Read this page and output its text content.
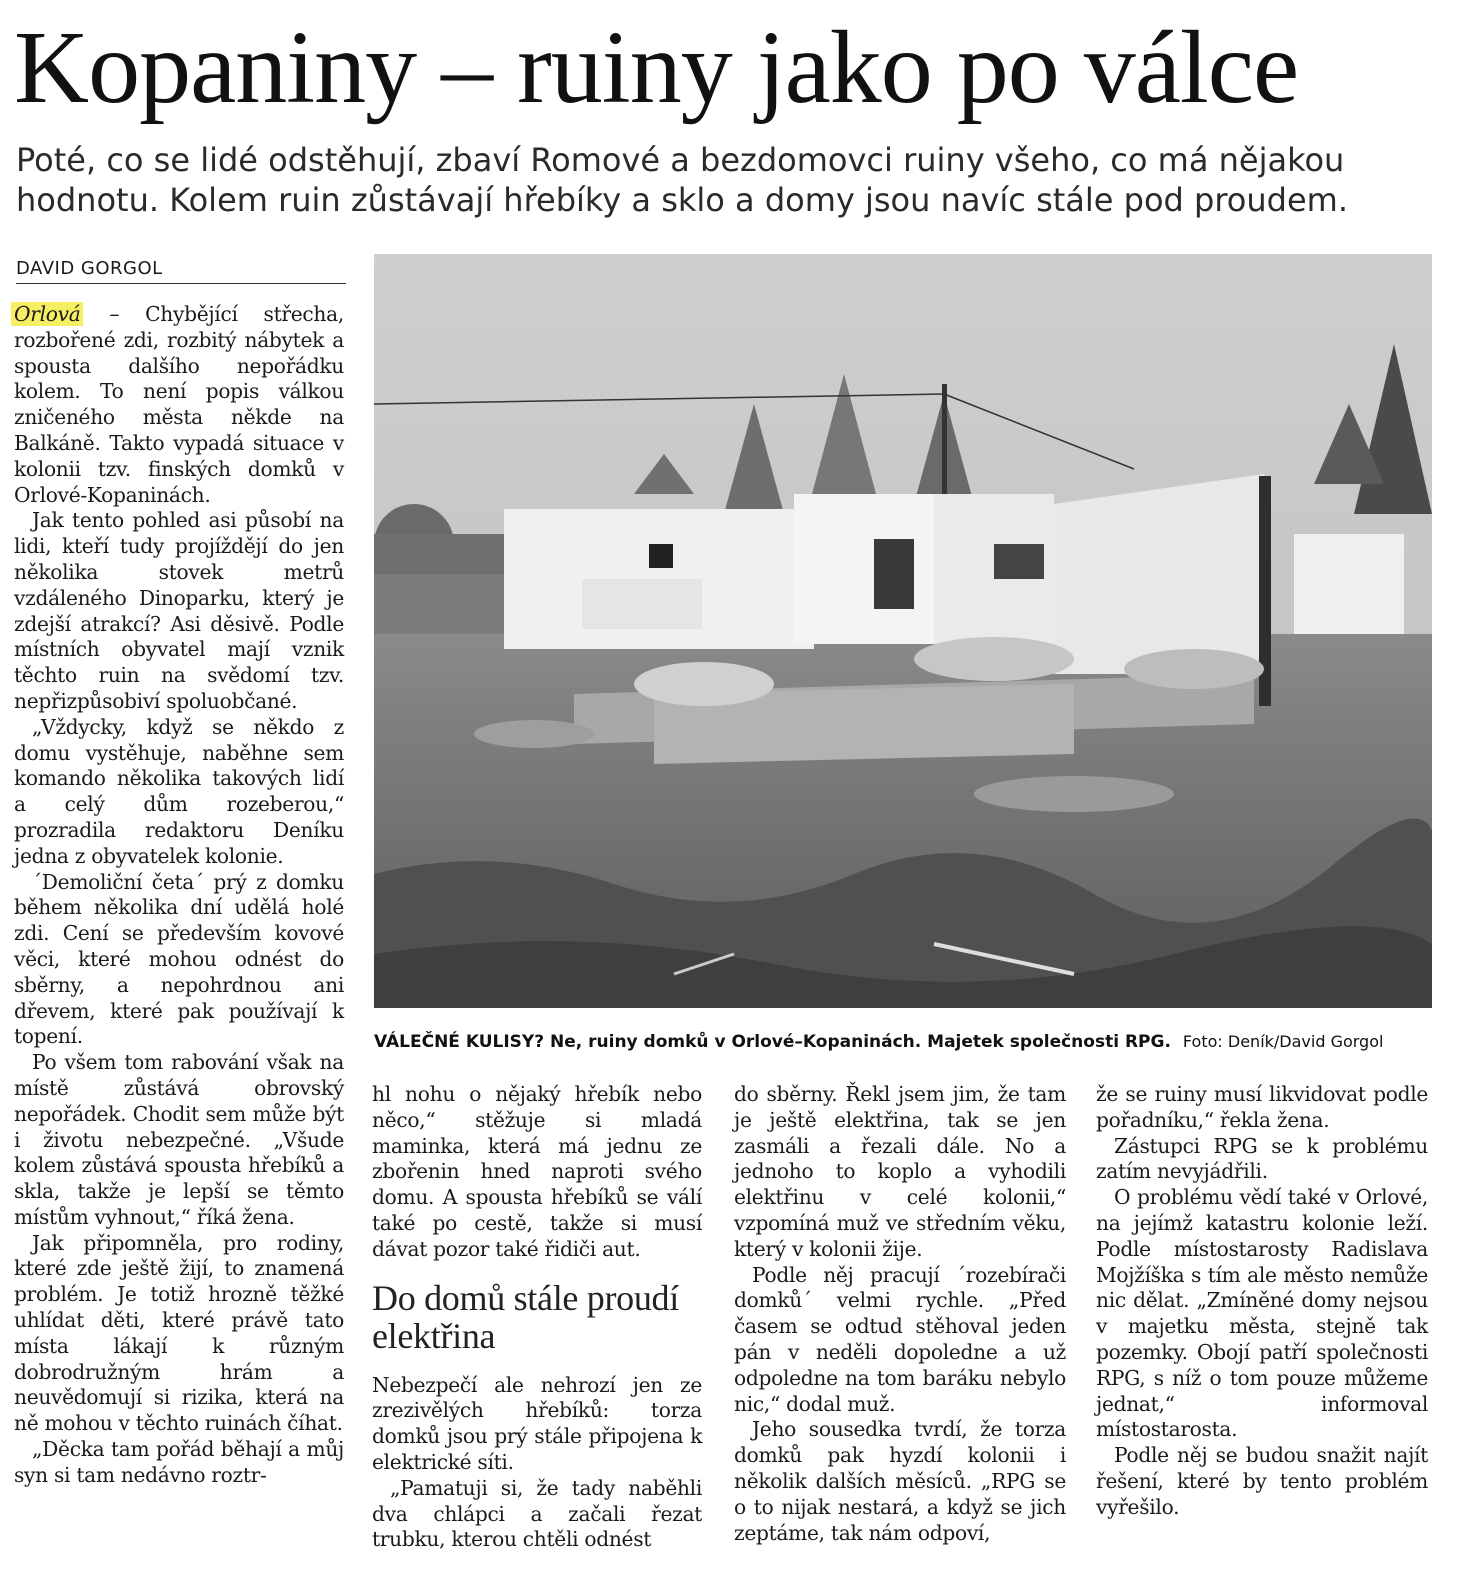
Kopaniny – ruiny jako po válce
Poté, co se lidé odstěhují, zbaví Romové a bezdomovci ruiny všeho, co má nějakou
hodnotu. Kolem ruin zůstávají hřebíky a sklo a domy jsou navíc stále pod proudem.
DAVID GORGOL

Orlová – Chybějící střecha, rozbořené zdi, rozbitý nábytek a spousta dalšího nepořádku kolem. To není popis válkou zničeného města někde na Balkáně. Takto vypadá situace v kolonii tzv. finských domků v Orlové-Kopaninách.

Jak tento pohled asi působí na lidi, kteří tudy projíždějí do jen několika stovek metrů vzdáleného Dinoparku, který je zdejší atrakcí? Asi děsivě. Podle místních obyvatel mají vznik těchto ruin na svědomí tzv. nepřizpůsobiví spoluobčané.

„Vždycky, když se někdo z domu vystěhuje, naběhne sem komando několika takových lidí a celý dům rozeberou,“ prozradila redaktoru Deníku jedna z obyvatelek kolonie.

´Demoliční četa´ prý z domku během několika dní udělá holé zdi. Cení se především kovové věci, které mohou odnést do sběrny, a nepohrdnou ani dřevem, které pak používají k topení.

Po všem tom rabování však na místě zůstává obrovský nepořádek. Chodit sem může být i životu nebezpečné. „Všude kolem zůstává spousta hřebíků a skla, takže je lepší se těmto místům vyhnout,“ říká žena.

Jak připomněla, pro rodiny, které zde ještě žijí, to znamená problém. Je totiž hrozně těžké uhlídat děti, které právě tato místa lákají k různým dobrodružným hrám a neuvědomují si rizika, která na ně mohou v těchto ruinách číhat.

„Děcka tam pořád běhají a můj syn si tam nedávno roztr-

VÁLEČNÉ KULISY? Ne, ruiny domků v Orlové–Kopaninách. Majetek společnosti RPG. Foto: Deník/David Gorgol

hl nohu o nějaký hřebík nebo něco,“ stěžuje si mladá maminka, která má jednu ze zbořenin hned naproti svého domu. A spousta hřebíků se válí také po cestě, takže si musí dávat pozor také řidiči aut.

Do domů stále proudí elektřina

Nebezpečí ale nehrozí jen ze zrezivělých hřebíků: torza domků jsou prý stále připojena k elektrické síti.

„Pamatuji si, že tady naběhli dva chlápci a začali řezat trubku, kterou chtěli odnést

do sběrny. Řekl jsem jim, že tam je ještě elektřina, tak se jen zasmáli a řezali dále. No a jednoho to koplo a vyhodili elektřinu v celé kolonii,“ vzpomíná muž ve středním věku, který v kolonii žije.

Podle něj pracují ´rozebírači domků´ velmi rychle. „Před časem se odtud stěhoval jeden pán v neděli dopoledne a už odpoledne na tom baráku nebylo nic,“ dodal muž.

Jeho sousedka tvrdí, že torza domků pak hyzdí kolonii i několik dalších měsíců. „RPG se o to nijak nestará, a když se jich zeptáme, tak nám odpoví,

že se ruiny musí likvidovat podle pořadníku,“ řekla žena.

Zástupci RPG se k problému zatím nevyjádřili.

O problému vědí také v Orlové, na jejímž katastru kolonie leží. Podle místostarosty Radislava Mojžíška s tím ale město nemůže nic dělat. „Zmíněné domy nejsou v majetku města, stejně tak pozemky. Obojí patří společnosti RPG, s níž o tom pouze můžeme jednat,“ informoval místostarosta.

Podle něj se budou snažit najít řešení, které by tento problém vyřešilo.
